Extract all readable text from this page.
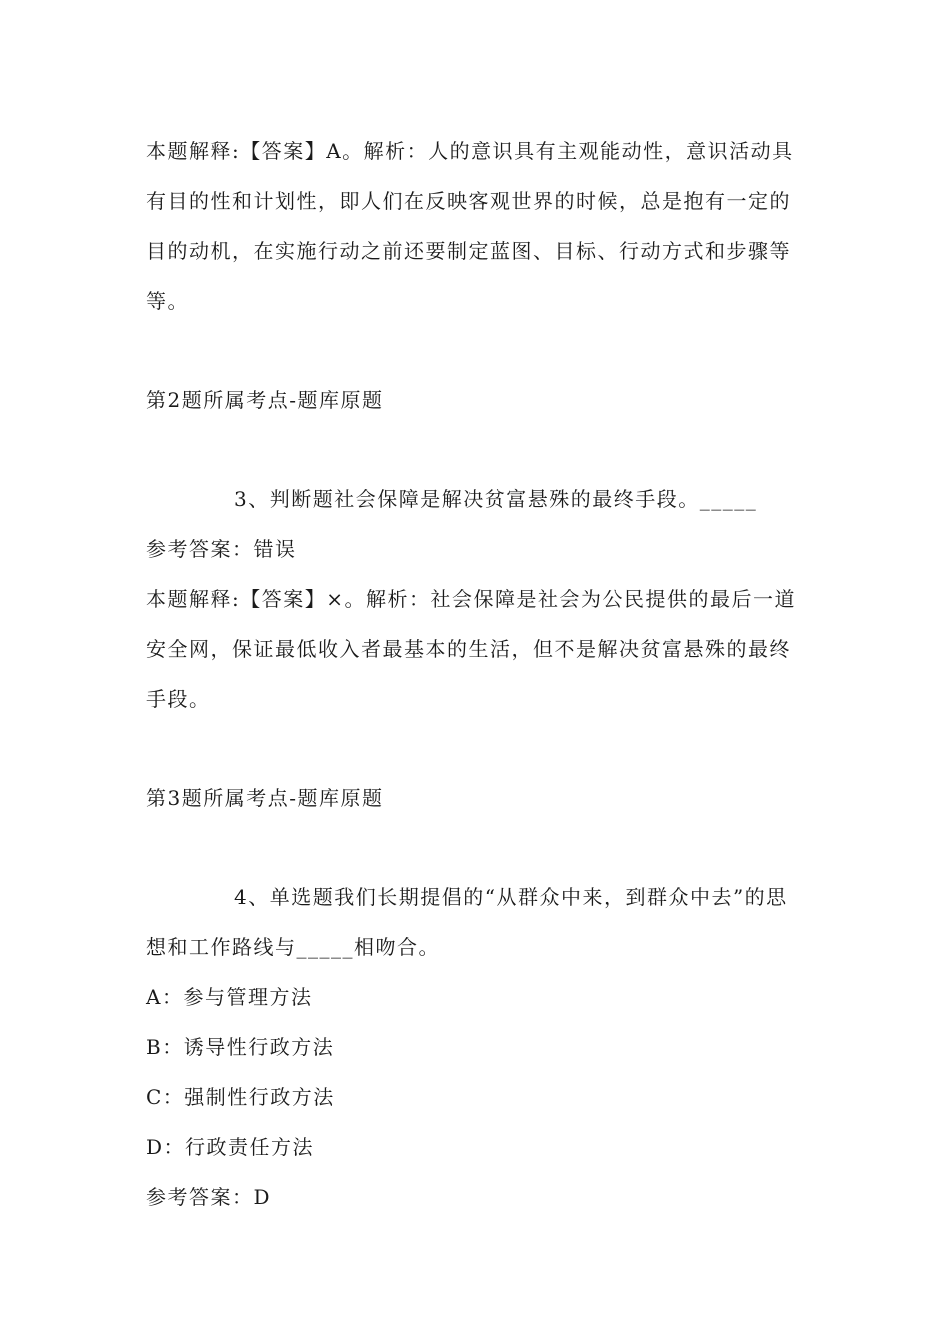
本题解释:【答案】A。解析：人的意识具有主观能动性，意识活动具有目的性和计划性，即人们在反映客观世界的时候，总是抱有一定的目的动机，在实施行动之前还要制定蓝图、目标、行动方式和步骤等等。

第2题所属考点-题库原题

3、判断题社会保障是解决贫富悬殊的最终手段。_____

参考答案：错误

本题解释:【答案】×。解析：社会保障是社会为公民提供的最后一道安全网，保证最低收入者最基本的生活，但不是解决贫富悬殊的最终手段。

第3题所属考点-题库原题

4、单选题我们长期提倡的“从群众中来，到群众中去”的思想和工作路线与_____相吻合。

A：参与管理方法

B：诱导性行政方法

C：强制性行政方法

D：行政责任方法

参考答案：D
